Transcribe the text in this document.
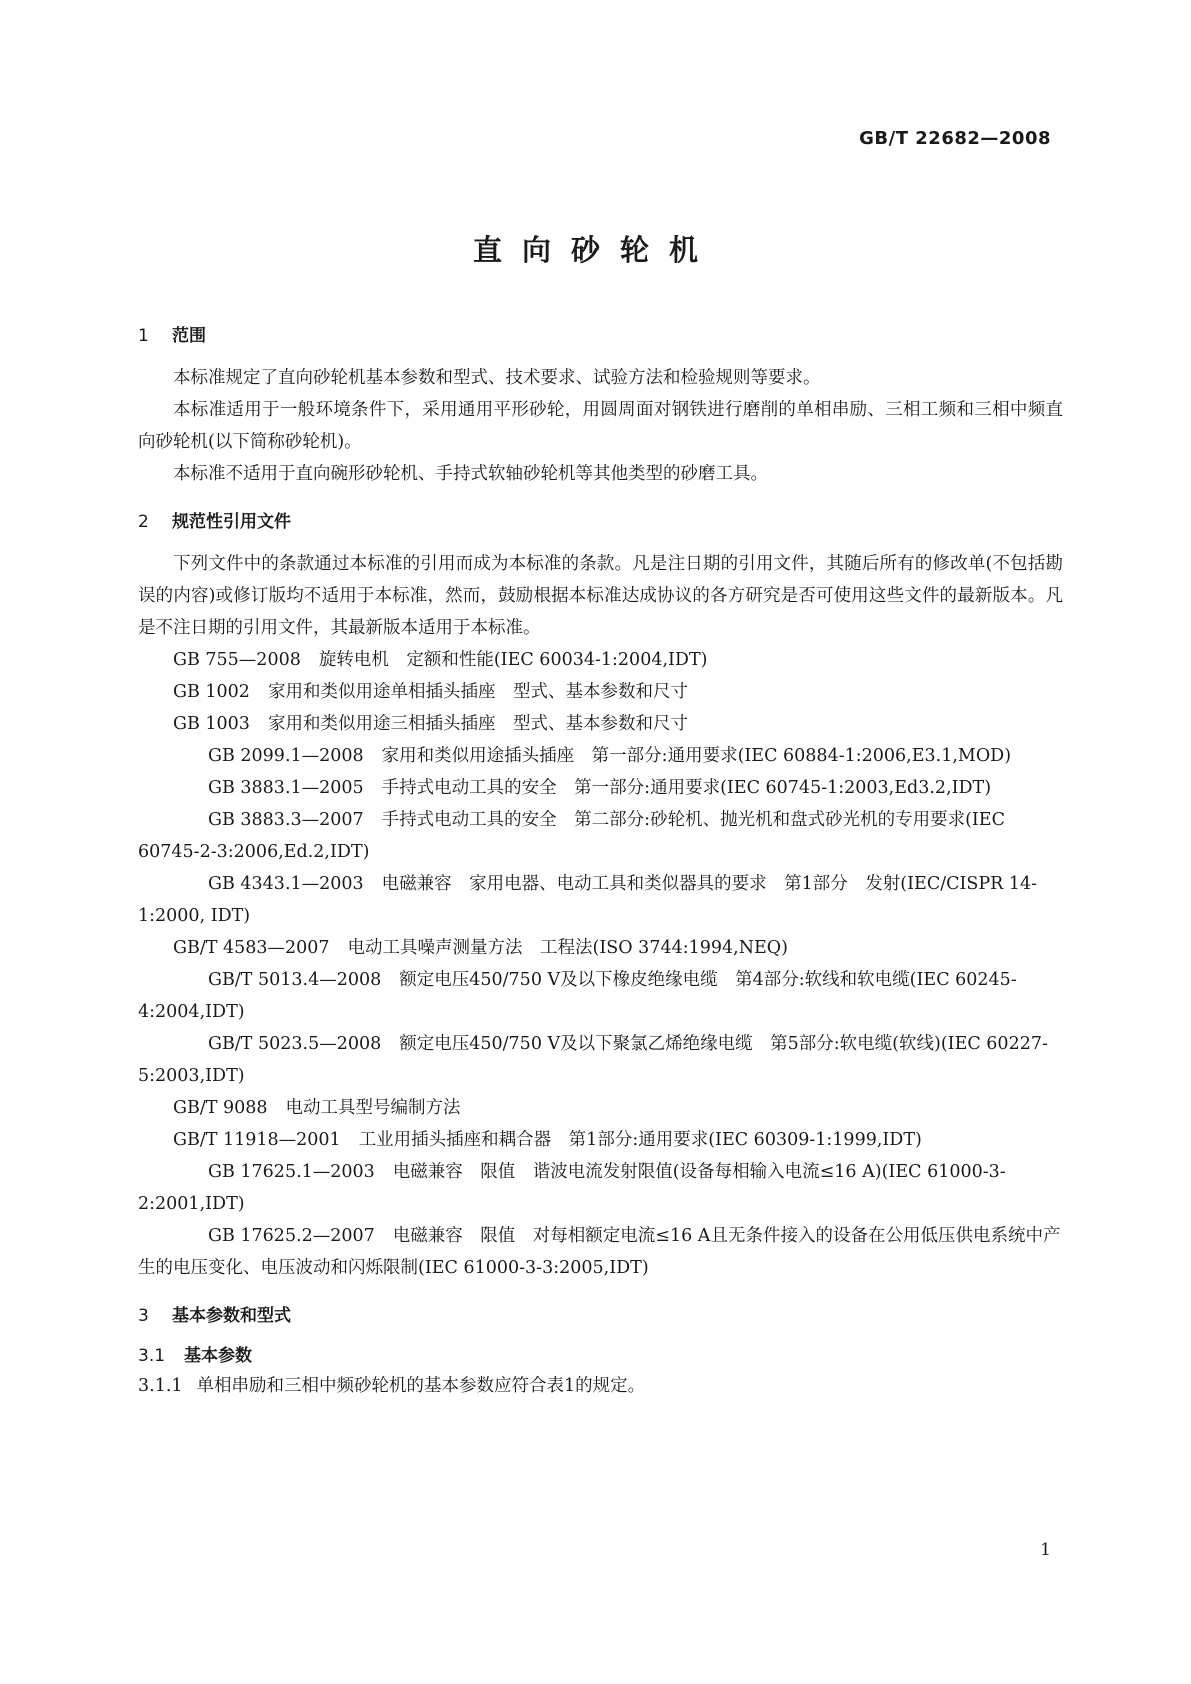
GB/T 22682—2008
直向砂轮机
1 范围
本标准规定了直向砂轮机基本参数和型式、技术要求、试验方法和检验规则等要求。
本标准适用于一般环境条件下，采用通用平形砂轮，用圆周面对钢铁进行磨削的单相串励、三相工频和三相中频直向砂轮机(以下简称砂轮机)。
本标准不适用于直向碗形砂轮机、手持式软轴砂轮机等其他类型的砂磨工具。
2 规范性引用文件
下列文件中的条款通过本标准的引用而成为本标准的条款。凡是注日期的引用文件，其随后所有的修改单(不包括勘误的内容)或修订版均不适用于本标准，然而，鼓励根据本标准达成协议的各方研究是否可使用这些文件的最新版本。凡是不注日期的引用文件，其最新版本适用于本标准。
GB 755—2008 旋转电机　定额和性能(IEC 60034-1:2004,IDT)
GB 1002 家用和类似用途单相插头插座　型式、基本参数和尺寸
GB 1003 家用和类似用途三相插头插座　型式、基本参数和尺寸
GB 2099.1—2008 家用和类似用途插头插座　第一部分:通用要求(IEC 60884-1:2006,E3.1,MOD)
GB 3883.1—2005 手持式电动工具的安全　第一部分:通用要求(IEC 60745-1:2003,Ed3.2,IDT)
GB 3883.3—2007 手持式电动工具的安全　第二部分:砂轮机、抛光机和盘式砂光机的专用要求(IEC 60745-2-3:2006,Ed.2,IDT)
GB 4343.1—2003 电磁兼容　家用电器、电动工具和类似器具的要求　第1部分　发射(IEC/CISPR 14-1:2000, IDT)
GB/T 4583—2007 电动工具噪声测量方法　工程法(ISO 3744:1994,NEQ)
GB/T 5013.4—2008 额定电压450/750 V及以下橡皮绝缘电缆　第4部分:软线和软电缆(IEC 60245-4:2004,IDT)
GB/T 5023.5—2008 额定电压450/750 V及以下聚氯乙烯绝缘电缆　第5部分:软电缆(软线)(IEC 60227-5:2003,IDT)
GB/T 9088 电动工具型号编制方法
GB/T 11918—2001 工业用插头插座和耦合器　第1部分:通用要求(IEC 60309-1:1999,IDT)
GB 17625.1—2003 电磁兼容　限值　谐波电流发射限值(设备每相输入电流≤16 A)(IEC 61000-3-2:2001,IDT)
GB 17625.2—2007 电磁兼容　限值　对每相额定电流≤16 A且无条件接入的设备在公用低压供电系统中产生的电压变化、电压波动和闪烁限制(IEC 61000-3-3:2005,IDT)
3 基本参数和型式
3.1 基本参数
3.1.1 单相串励和三相中频砂轮机的基本参数应符合表1的规定。
1
